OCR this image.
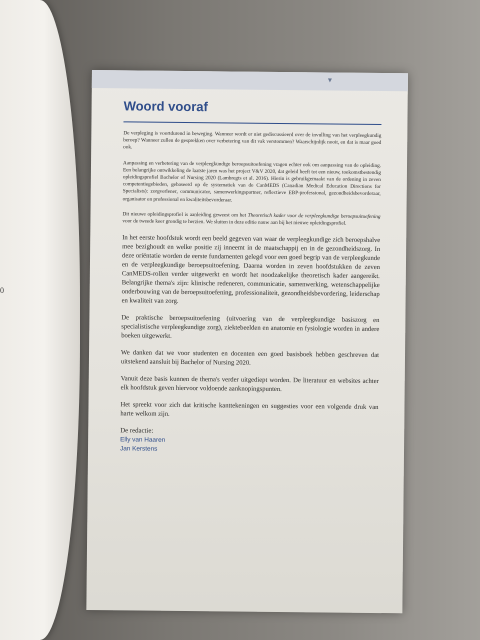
0
▾
Woord vooraf

De verpleging is voortdurend in beweging. Wanneer wordt er niet gediscussieerd over de invulling van het verpleegkundig beroep? Wanneer zullen de gesprekken over verbetering van dit vak verstommen? Waarschijnlijk nooit, en dat is maar goed ook.

Aanpassing en verbetering van de verpleegkundige beroepsuitoefening vragen echter ook om aanpassing van de opleiding. Een belangrijke ontwikkeling de laatste jaren was het project V&V 2020, dat geleid heeft tot een nieuw, toekomstbestendig opleidingsprofiel Bachelor of Nursing 2020 (Lambregts et al. 2016). Hierin is gebruikgemaakt van de ordening in zeven competentiegebieden, gebaseerd op de systematiek van de CanMEDS (Canadian Medical Education Directions for Specialists): zorgverlener, communicator, samenwerkingspartner, reflectieve EBP-professional, gezondheidsbevorderaar, organisator en professional en kwaliteitsbevorderaar.

Dit nieuwe opleidingsprofiel is aanleiding geweest om het Theoretisch kader voor de verpleegkundige beroepsuitoefening voor de tweede keer grondig te herzien. We sluiten in deze editie nauw aan bij het nieuwe opleidingsprofiel.

In het eerste hoofdstuk wordt een beeld gegeven van waar de verpleegkundige zich beroepshalve mee bezighoudt en welke positie zij inneemt in de maatschappij en in de gezondheidszorg. In deze oriëntatie worden de eerste fundamenten gelegd voor een goed begrip van de verpleegkunde en de verpleegkundige beroepsuitoefening. Daarna worden in zeven hoofdstukken de zeven CanMEDS-rollen verder uitgewerkt en wordt het noodzakelijke theoretisch kader aangereikt. Belangrijke thema's zijn: klinische redeneren, communicatie, samenwerking, wetenschappelijke onderbouwing van de beroepsuitoefening, professionaliteit, gezondheidsbevordering, leiderschap en kwaliteit van zorg.

De praktische beroepsuitoefening (uitvoering van de verpleegkundige basiszorg en specialistische verpleegkundige zorg), ziektebeelden en anatomie en fysiologie worden in andere boeken uitgewerkt.

We danken dat we voor studenten en docenten een goed basisboek hebben geschreven dat uitstekend aansluit bij Bachelor of Nursing 2020.

Vanuit deze basis kunnen de thema's verder uitgediept worden. De literatuur en websites achter elk hoofdstuk geven hiervoor voldoende aanknopingspunten.

Het spreekt voor zich dat kritische kanttekeningen en suggesties voor een volgende druk van harte welkom zijn.

De redactie:
Elly van Haaren
Jan Kerstens
